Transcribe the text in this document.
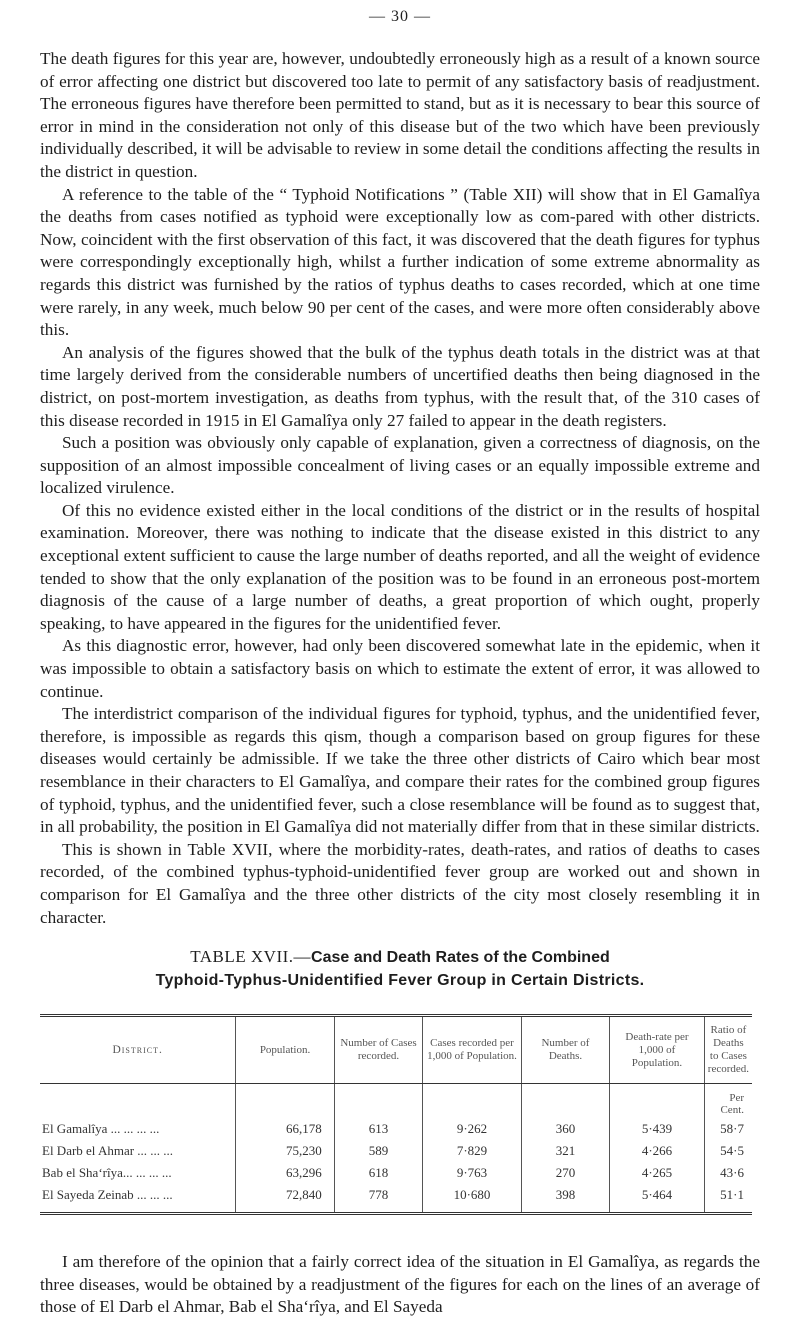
— 30 —

The death figures for this year are, however, undoubtedly erroneously high as a result of a known source of error affecting one district but discovered too late to permit of any satisfactory basis of readjustment. The erroneous figures have therefore been permitted to stand, but as it is necessary to bear this source of error in mind in the consideration not only of this disease but of the two which have been previously individually described, it will be advisable to review in some detail the conditions affecting the results in the district in question.

A reference to the table of the “ Typhoid Notifications ” (Table XII) will show that in El Gamalîya the deaths from cases notified as typhoid were exceptionally low as com-pared with other districts. Now, coincident with the first observation of this fact, it was discovered that the death figures for typhus were correspondingly exceptionally high, whilst a further indication of some extreme abnormality as regards this district was furnished by the ratios of typhus deaths to cases recorded, which at one time were rarely, in any week, much below 90 per cent of the cases, and were more often considerably above this.

An analysis of the figures showed that the bulk of the typhus death totals in the district was at that time largely derived from the considerable numbers of uncertified deaths then being diagnosed in the district, on post-mortem investigation, as deaths from typhus, with the result that, of the 310 cases of this disease recorded in 1915 in El Gamalîya only 27 failed to appear in the death registers.

Such a position was obviously only capable of explanation, given a correctness of diagnosis, on the supposition of an almost impossible concealment of living cases or an equally impossible extreme and localized virulence.

Of this no evidence existed either in the local conditions of the district or in the results of hospital examination. Moreover, there was nothing to indicate that the disease existed in this district to any exceptional extent sufficient to cause the large number of deaths reported, and all the weight of evidence tended to show that the only explanation of the position was to be found in an erroneous post-mortem diagnosis of the cause of a large number of deaths, a great proportion of which ought, properly speaking, to have appeared in the figures for the unidentified fever.

As this diagnostic error, however, had only been discovered somewhat late in the epidemic, when it was impossible to obtain a satisfactory basis on which to estimate the extent of error, it was allowed to continue.

The interdistrict comparison of the individual figures for typhoid, typhus, and the unidentified fever, therefore, is impossible as regards this qism, though a comparison based on group figures for these diseases would certainly be admissible. If we take the three other districts of Cairo which bear most resemblance in their characters to El Gamalîya, and compare their rates for the combined group figures of typhoid, typhus, and the unidentified fever, such a close resemblance will be found as to suggest that, in all probability, the position in El Gamalîya did not materially differ from that in these similar districts.

This is shown in Table XVII, where the morbidity-rates, death-rates, and ratios of deaths to cases recorded, of the combined typhus-typhoid-unidentified fever group are worked out and shown in comparison for El Gamalîya and the three other districts of the city most closely resembling it in character.

TABLE XVII.—Case and Death Rates of the Combined
Typhoid-Typhus-Unidentified Fever Group in Certain Districts.
District.	Population.	Number of Cases recorded.	Cases recorded per 1,000 of Population.	Number of Deaths.	Death-rate per 1,000 of Population.	Ratio of Deaths to Cases recorded.
						Per Cent.
El Gamalîya ... ... ... ...	66,178	613	9·262	360	5·439	58·7
El Darb el Ahmar ... ... ...	75,230	589	7·829	321	4·266	54·5
Bab el Sha‘rîya... ... ... ...	63,296	618	9·763	270	4·265	43·6
El Sayeda Zeinab ... ... ...	72,840	778	10·680	398	5·464	51·1

I am therefore of the opinion that a fairly correct idea of the situation in El Gamalîya, as regards the three diseases, would be obtained by a readjustment of the figures for each on the lines of an average of those of El Darb el Ahmar, Bab el Sha‘rîya, and El Sayeda
